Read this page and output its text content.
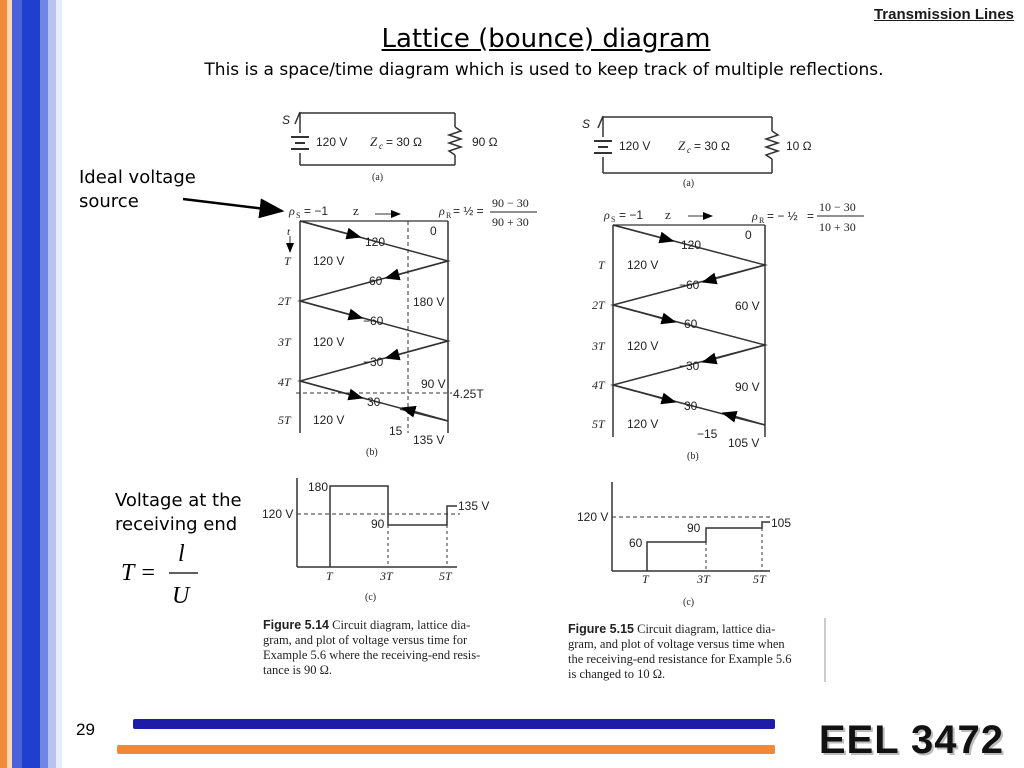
Transmission Lines
Lattice (bounce) diagram
This is a space/time diagram which is used to keep track of multiple reflections.
Ideal voltage
source
Voltage at the
receiving end
T =
l
U
S
120 V Z c = 30 Ω	90 Ω
(a)
ρ S = −1 z	ρ R = ½ =
90 − 30
90 + 30
t	0
120
60
−60
−30
30
15
T
2T
3T
4T
5T
120 V
120 V
120 V
180 V
90 V
135 V
4.25T
(b)
180
120 V
90
135 V
T	3T	5T
(c)
S
120 V Z c = 30 Ω	10 Ω
(a)
ρ S = −1 z	ρ R = − ½ =
10 − 30
10 + 30
0
120
−60
60
−30
30
−15
T
2T
3T
4T
5T
120 V
120 V
120 V
60 V
90 V
105 V
(b)
120 V
60
90	105
T	3T	5T
(c)
Figure 5.14 Circuit diagram, lattice dia-
gram, and plot of voltage versus time for
Example 5.6 where the receiving-end resis-
tance is 90 Ω.
Figure 5.15 Circuit diagram, lattice dia-
gram, and plot of voltage versus time when
the receiving-end resistance for Example 5.6
is changed to 10 Ω.
29	EEL 3472
